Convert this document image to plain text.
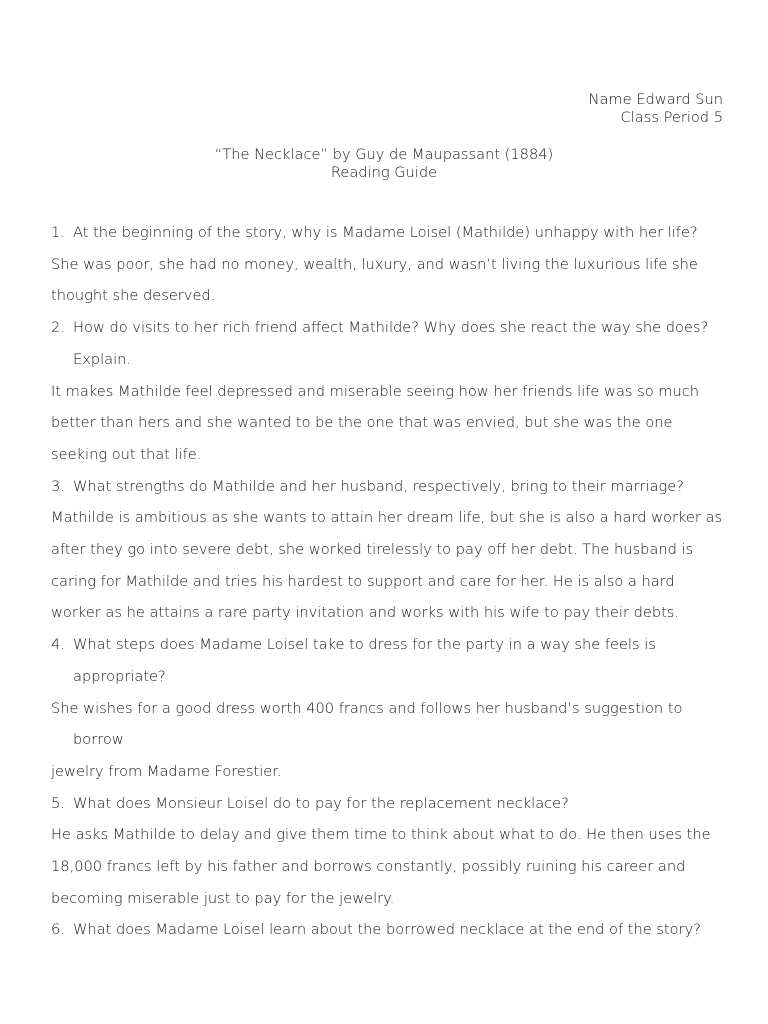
Name Edward Sun
Class Period 5
“The Necklace” by Guy de Maupassant (1884)
Reading Guide
1. At the beginning of the story, why is Madame Loisel (Mathilde) unhappy with her life?
She was poor, she had no money, wealth, luxury, and wasn’t living the luxurious life she
thought she deserved.
2. How do visits to her rich friend affect Mathilde? Why does she react the way she does?
Explain.
It makes Mathilde feel depressed and miserable seeing how her friends life was so much
better than hers and she wanted to be the one that was envied, but she was the one
seeking out that life.
3. What strengths do Mathilde and her husband, respectively, bring to their marriage?
Mathilde is ambitious as she wants to attain her dream life, but she is also a hard worker as
after they go into severe debt, she worked tirelessly to pay off her debt. The husband is
caring for Mathilde and tries his hardest to support and care for her. He is also a hard
worker as he attains a rare party invitation and works with his wife to pay their debts.
4. What steps does Madame Loisel take to dress for the party in a way she feels is
appropriate?
She wishes for a good dress worth 400 francs and follows her husband’s suggestion to borrow
jewelry from Madame Forestier.
5. What does Monsieur Loisel do to pay for the replacement necklace?
He asks Mathilde to delay and give them time to think about what to do. He then uses the
18,000 francs left by his father and borrows constantly, possibly ruining his career and
becoming miserable just to pay for the jewelry.
6. What does Madame Loisel learn about the borrowed necklace at the end of the story?
